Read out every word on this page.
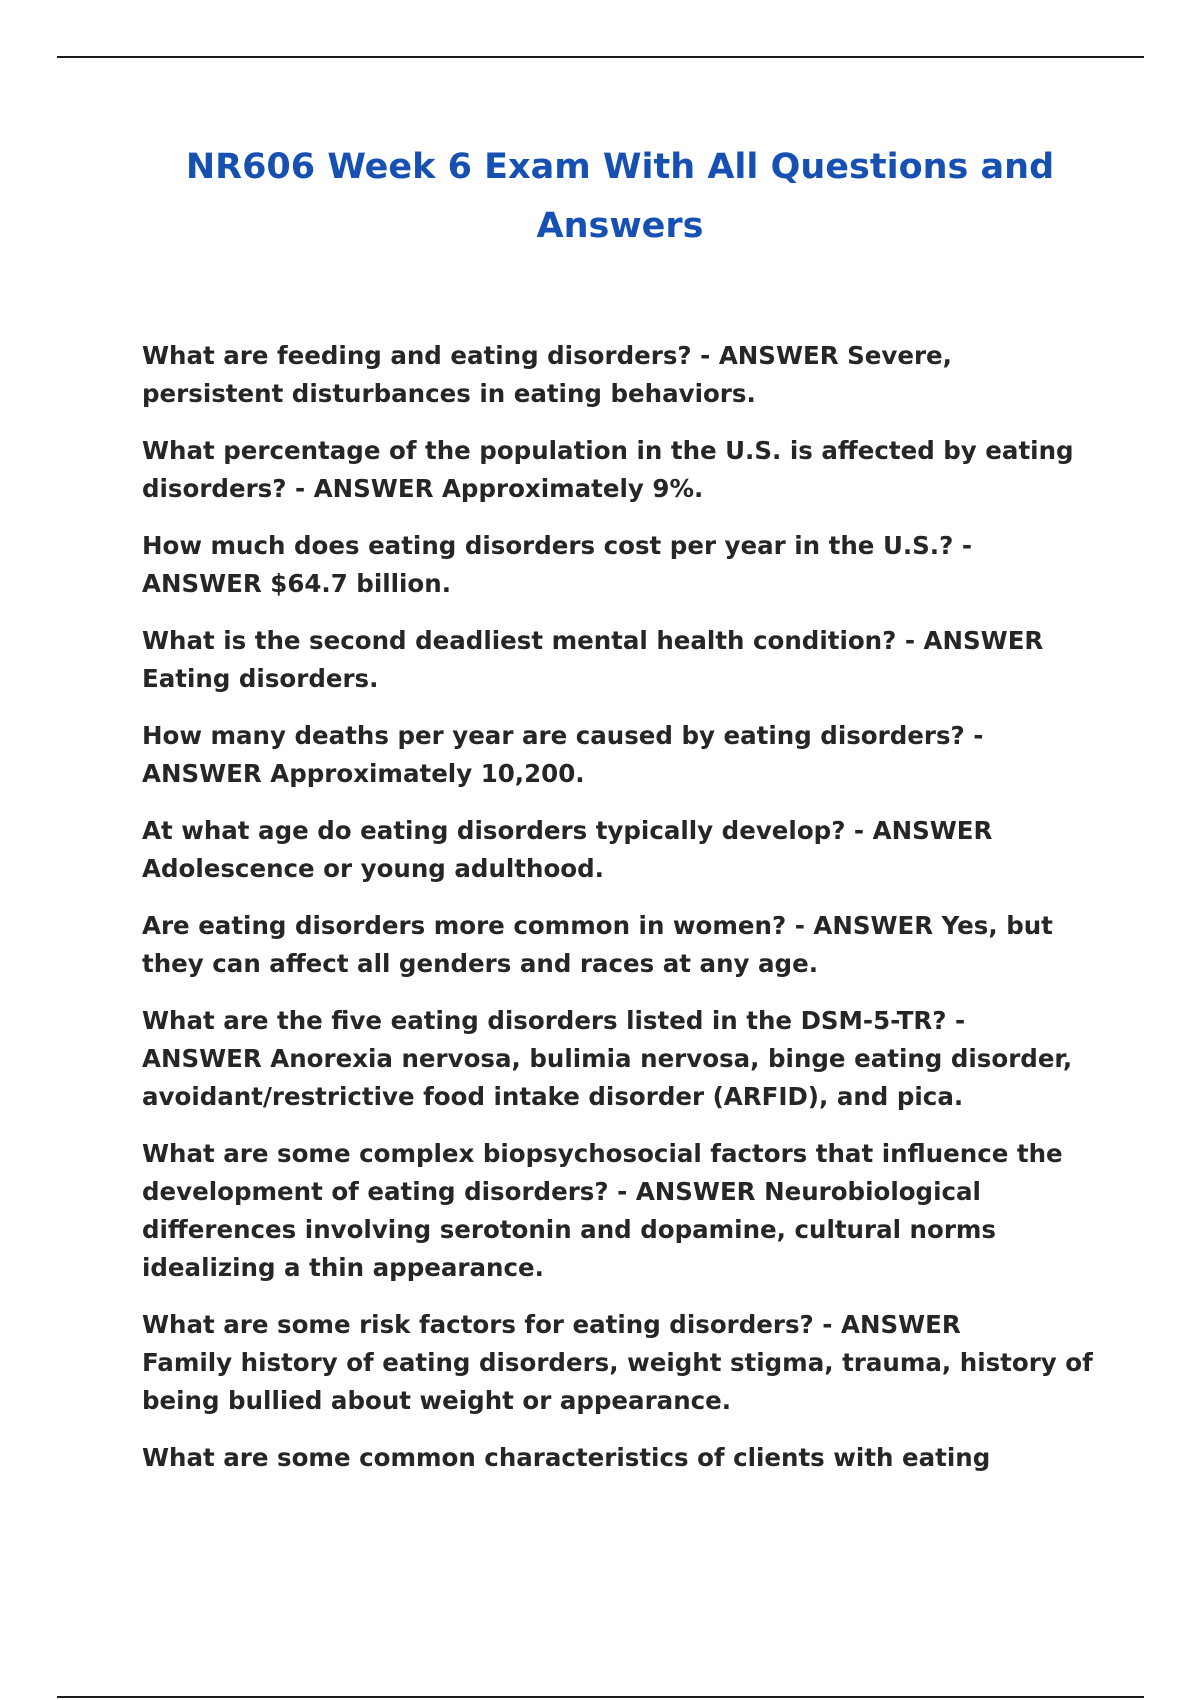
NR606 Week 6 Exam With All Questions and Answers

What are feeding and eating disorders? - ANSWER Severe,
persistent disturbances in eating behaviors.

What percentage of the population in the U.S. is affected by eating
disorders? - ANSWER Approximately 9%.

How much does eating disorders cost per year in the U.S.? -
ANSWER $64.7 billion.

What is the second deadliest mental health condition? - ANSWER
Eating disorders.

How many deaths per year are caused by eating disorders? -
ANSWER Approximately 10,200.

At what age do eating disorders typically develop? - ANSWER
Adolescence or young adulthood.

Are eating disorders more common in women? - ANSWER Yes, but
they can affect all genders and races at any age.

What are the five eating disorders listed in the DSM-5-TR? -
ANSWER Anorexia nervosa, bulimia nervosa, binge eating disorder,
avoidant/restrictive food intake disorder (ARFID), and pica.

What are some complex biopsychosocial factors that influence the
development of eating disorders? - ANSWER Neurobiological
differences involving serotonin and dopamine, cultural norms
idealizing a thin appearance.

What are some risk factors for eating disorders? - ANSWER
Family history of eating disorders, weight stigma, trauma, history of
being bullied about weight or appearance.

What are some common characteristics of clients with eating
